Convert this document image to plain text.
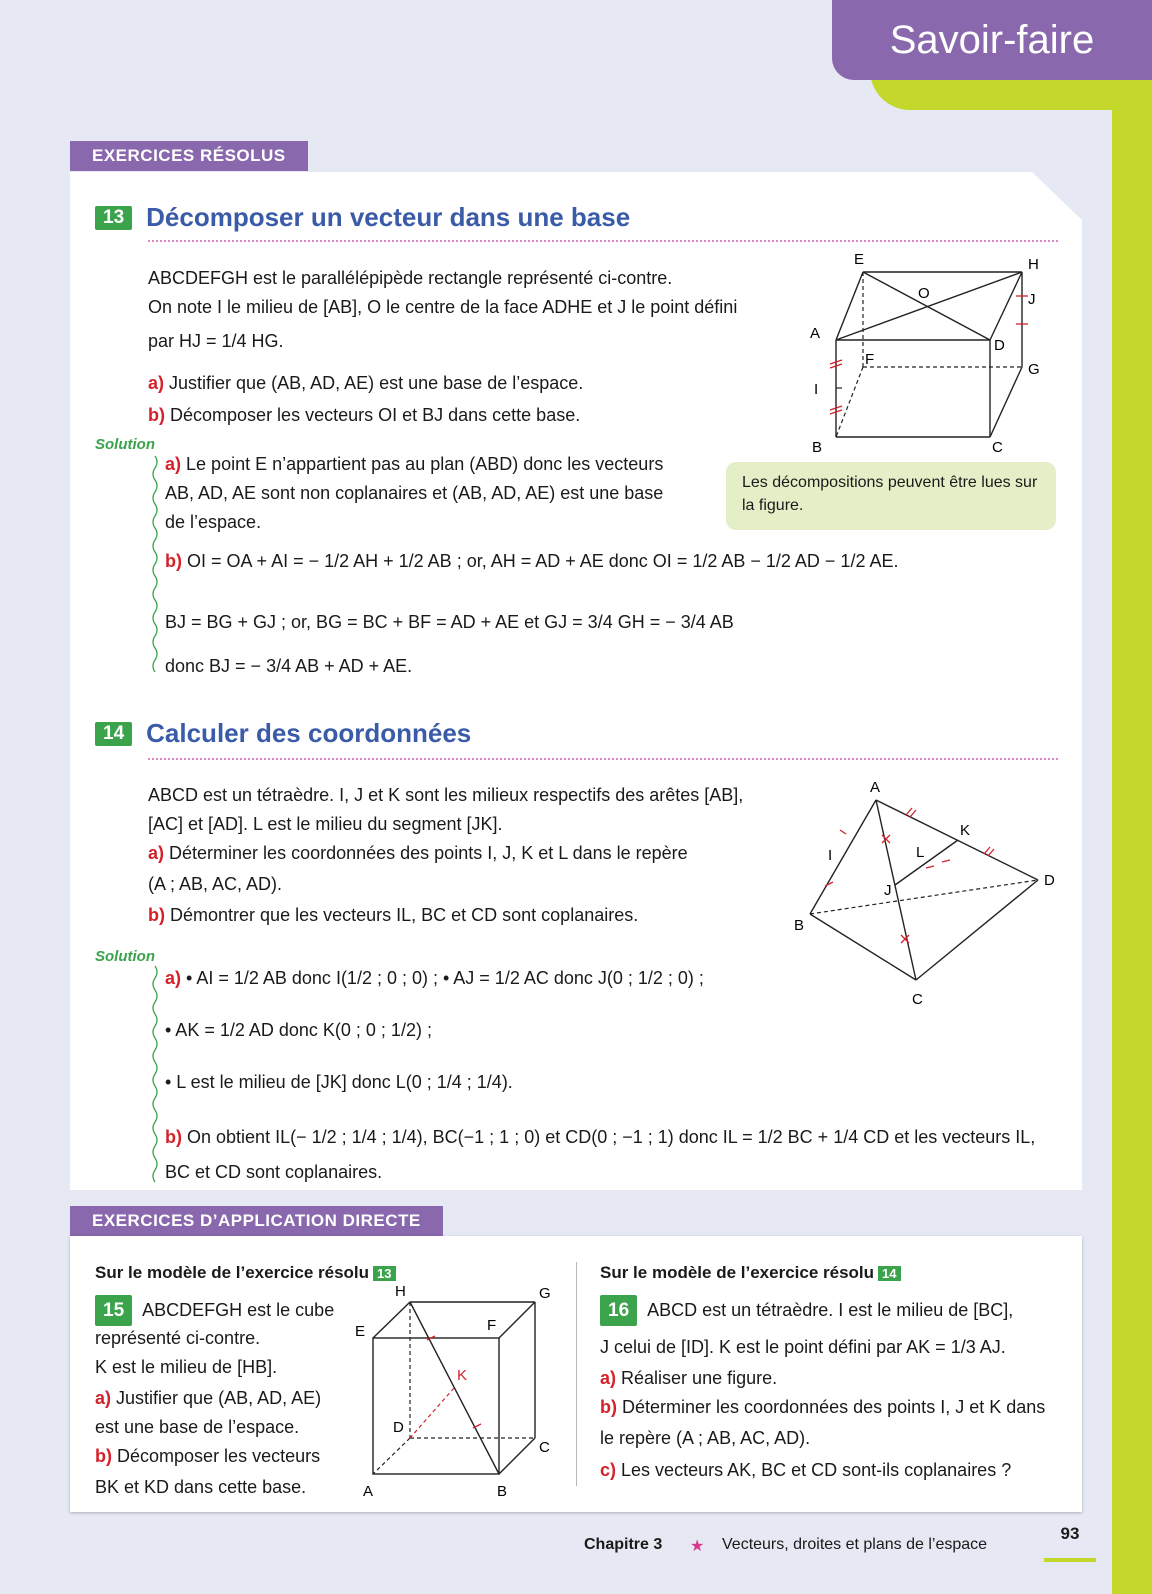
Savoir-faire
EXERCICES RÉSOLUS
13 Décomposer un vecteur dans une base
ABCDEFGH est le parallélépipède rectangle représenté ci-contre.
On note I le milieu de [AB], O le centre de la face ADHE et J le point défini
par HJ = 1/4 HG.
a) Justifier que (AB, AD, AE) est une base de l’espace.
b) Décomposer les vecteurs OI et BJ dans cette base.
Solution
a) Le point E n’appartient pas au plan (ABD) donc les vecteurs
AB, AD, AE sont non coplanaires et (AB, AD, AE) est une base
de l’espace.
b) OI = OA + AI = − 1/2 AH + 1/2 AB ; or, AH = AD + AE donc OI = 1/2 AB − 1/2 AD − 1/2 AE.
BJ = BG + GJ ; or, BG = BC + BF = AD + AE et GJ = 3/4 GH = − 3/4 AB
donc BJ = − 3/4 AB + AD + AE.
Les décompositions peuvent être lues sur la figure.
E	H
O	J
A
D
F
G
I
B	C
14 Calculer des coordonnées
ABCD est un tétraèdre. I, J et K sont les milieux respectifs des arêtes [AB],
[AC] et [AD]. L est le milieu du segment [JK].
a) Déterminer les coordonnées des points I, J, K et L dans le repère
(A ; AB, AC, AD).
b) Démontrer que les vecteurs IL, BC et CD sont coplanaires.
Solution
a) • AI = 1/2 AB donc I(1/2 ; 0 ; 0) ; • AJ = 1/2 AC donc J(0 ; 1/2 ; 0) ;
• AK = 1/2 AD donc K(0 ; 0 ; 1/2) ;
• L est le milieu de [JK] donc L(0 ; 1/4 ; 1/4).
b) On obtient IL(− 1/2 ; 1/4 ; 1/4), BC(−1 ; 1 ; 0) et CD(0 ; −1 ; 1) donc IL = 1/2 BC + 1/4 CD et les vecteurs IL,
BC et CD sont coplanaires.
A
K
I	L
D
J
B
C
EXERCICES D’APPLICATION DIRECTE
Sur le modèle de l’exercice résolu 13
15 ABCDEFGH est le cube
représenté ci-contre.
K est le milieu de [HB].
a) Justifier que (AB, AD, AE)
est une base de l’espace.
b) Décomposer les vecteurs
BK et KD dans cette base.
H	G
E	F
K
D
C
A	B
Sur le modèle de l’exercice résolu 14
16 ABCD est un tétraèdre. I est le milieu de [BC],
J celui de [ID]. K est le point défini par AK = 1/3 AJ.
a) Réaliser une figure.
b) Déterminer les coordonnées des points I, J et K dans
le repère (A ; AB, AC, AD).
c) Les vecteurs AK, BC et CD sont-ils coplanaires ?
Chapitre 3 ★ Vecteurs, droites et plans de l’espace
93
